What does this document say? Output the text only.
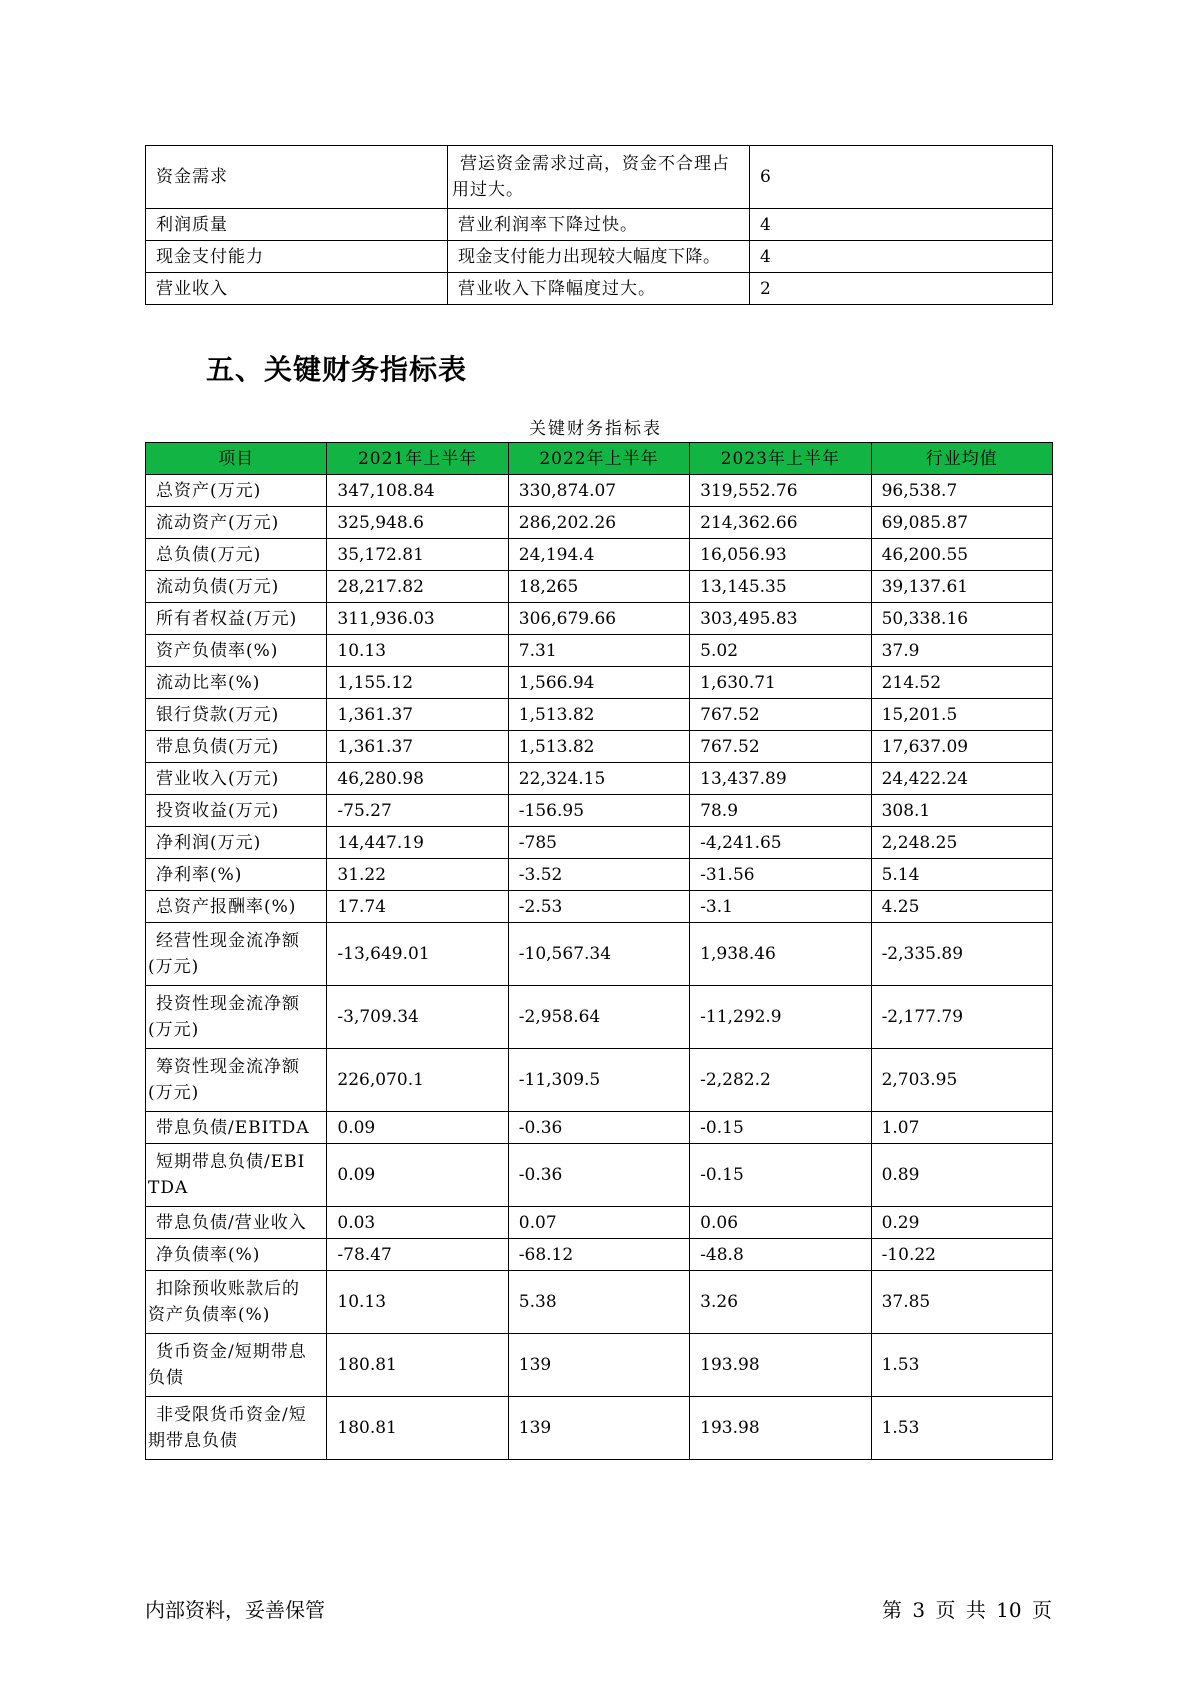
资金需求	营运资金需求过高，资金不合理占用过大。	6
利润质量	营业利润率下降过快。	4
现金支付能力	现金支付能力出现较大幅度下降。	4
营业收入	营业收入下降幅度过大。	2
五、关键财务指标表
关键财务指标表
项目	2021年上半年	2022年上半年	2023年上半年	行业均值
总资产(万元)	347,108.84	330,874.07	319,552.76	96,538.7
流动资产(万元)	325,948.6	286,202.26	214,362.66	69,085.87
总负债(万元)	35,172.81	24,194.4	16,056.93	46,200.55
流动负债(万元)	28,217.82	18,265	13,145.35	39,137.61
所有者权益(万元)	311,936.03	306,679.66	303,495.83	50,338.16
资产负债率(%)	10.13	7.31	5.02	37.9
流动比率(%)	1,155.12	1,566.94	1,630.71	214.52
银行贷款(万元)	1,361.37	1,513.82	767.52	15,201.5
带息负债(万元)	1,361.37	1,513.82	767.52	17,637.09
营业收入(万元)	46,280.98	22,324.15	13,437.89	24,422.24
投资收益(万元)	-75.27	-156.95	78.9	308.1
净利润(万元)	14,447.19	-785	-4,241.65	2,248.25
净利率(%)	31.22	-3.52	-31.56	5.14
总资产报酬率(%)	17.74	-2.53	-3.1	4.25
经营性现金流净额(万元)	-13,649.01	-10,567.34	1,938.46	-2,335.89
投资性现金流净额(万元)	-3,709.34	-2,958.64	-11,292.9	-2,177.79
筹资性现金流净额(万元)	226,070.1	-11,309.5	-2,282.2	2,703.95
带息负债/EBITDA	0.09	-0.36	-0.15	1.07
短期带息负债/EBITDA	0.09	-0.36	-0.15	0.89
带息负债/营业收入	0.03	0.07	0.06	0.29
净负债率(%)	-78.47	-68.12	-48.8	-10.22
扣除预收账款后的资产负债率(%)	10.13	5.38	3.26	37.85
货币资金/短期带息负债	180.81	139	193.98	1.53
非受限货币资金/短期带息负债	180.81	139	193.98	1.53
内部资料，妥善保管	第 3 页 共 10 页
